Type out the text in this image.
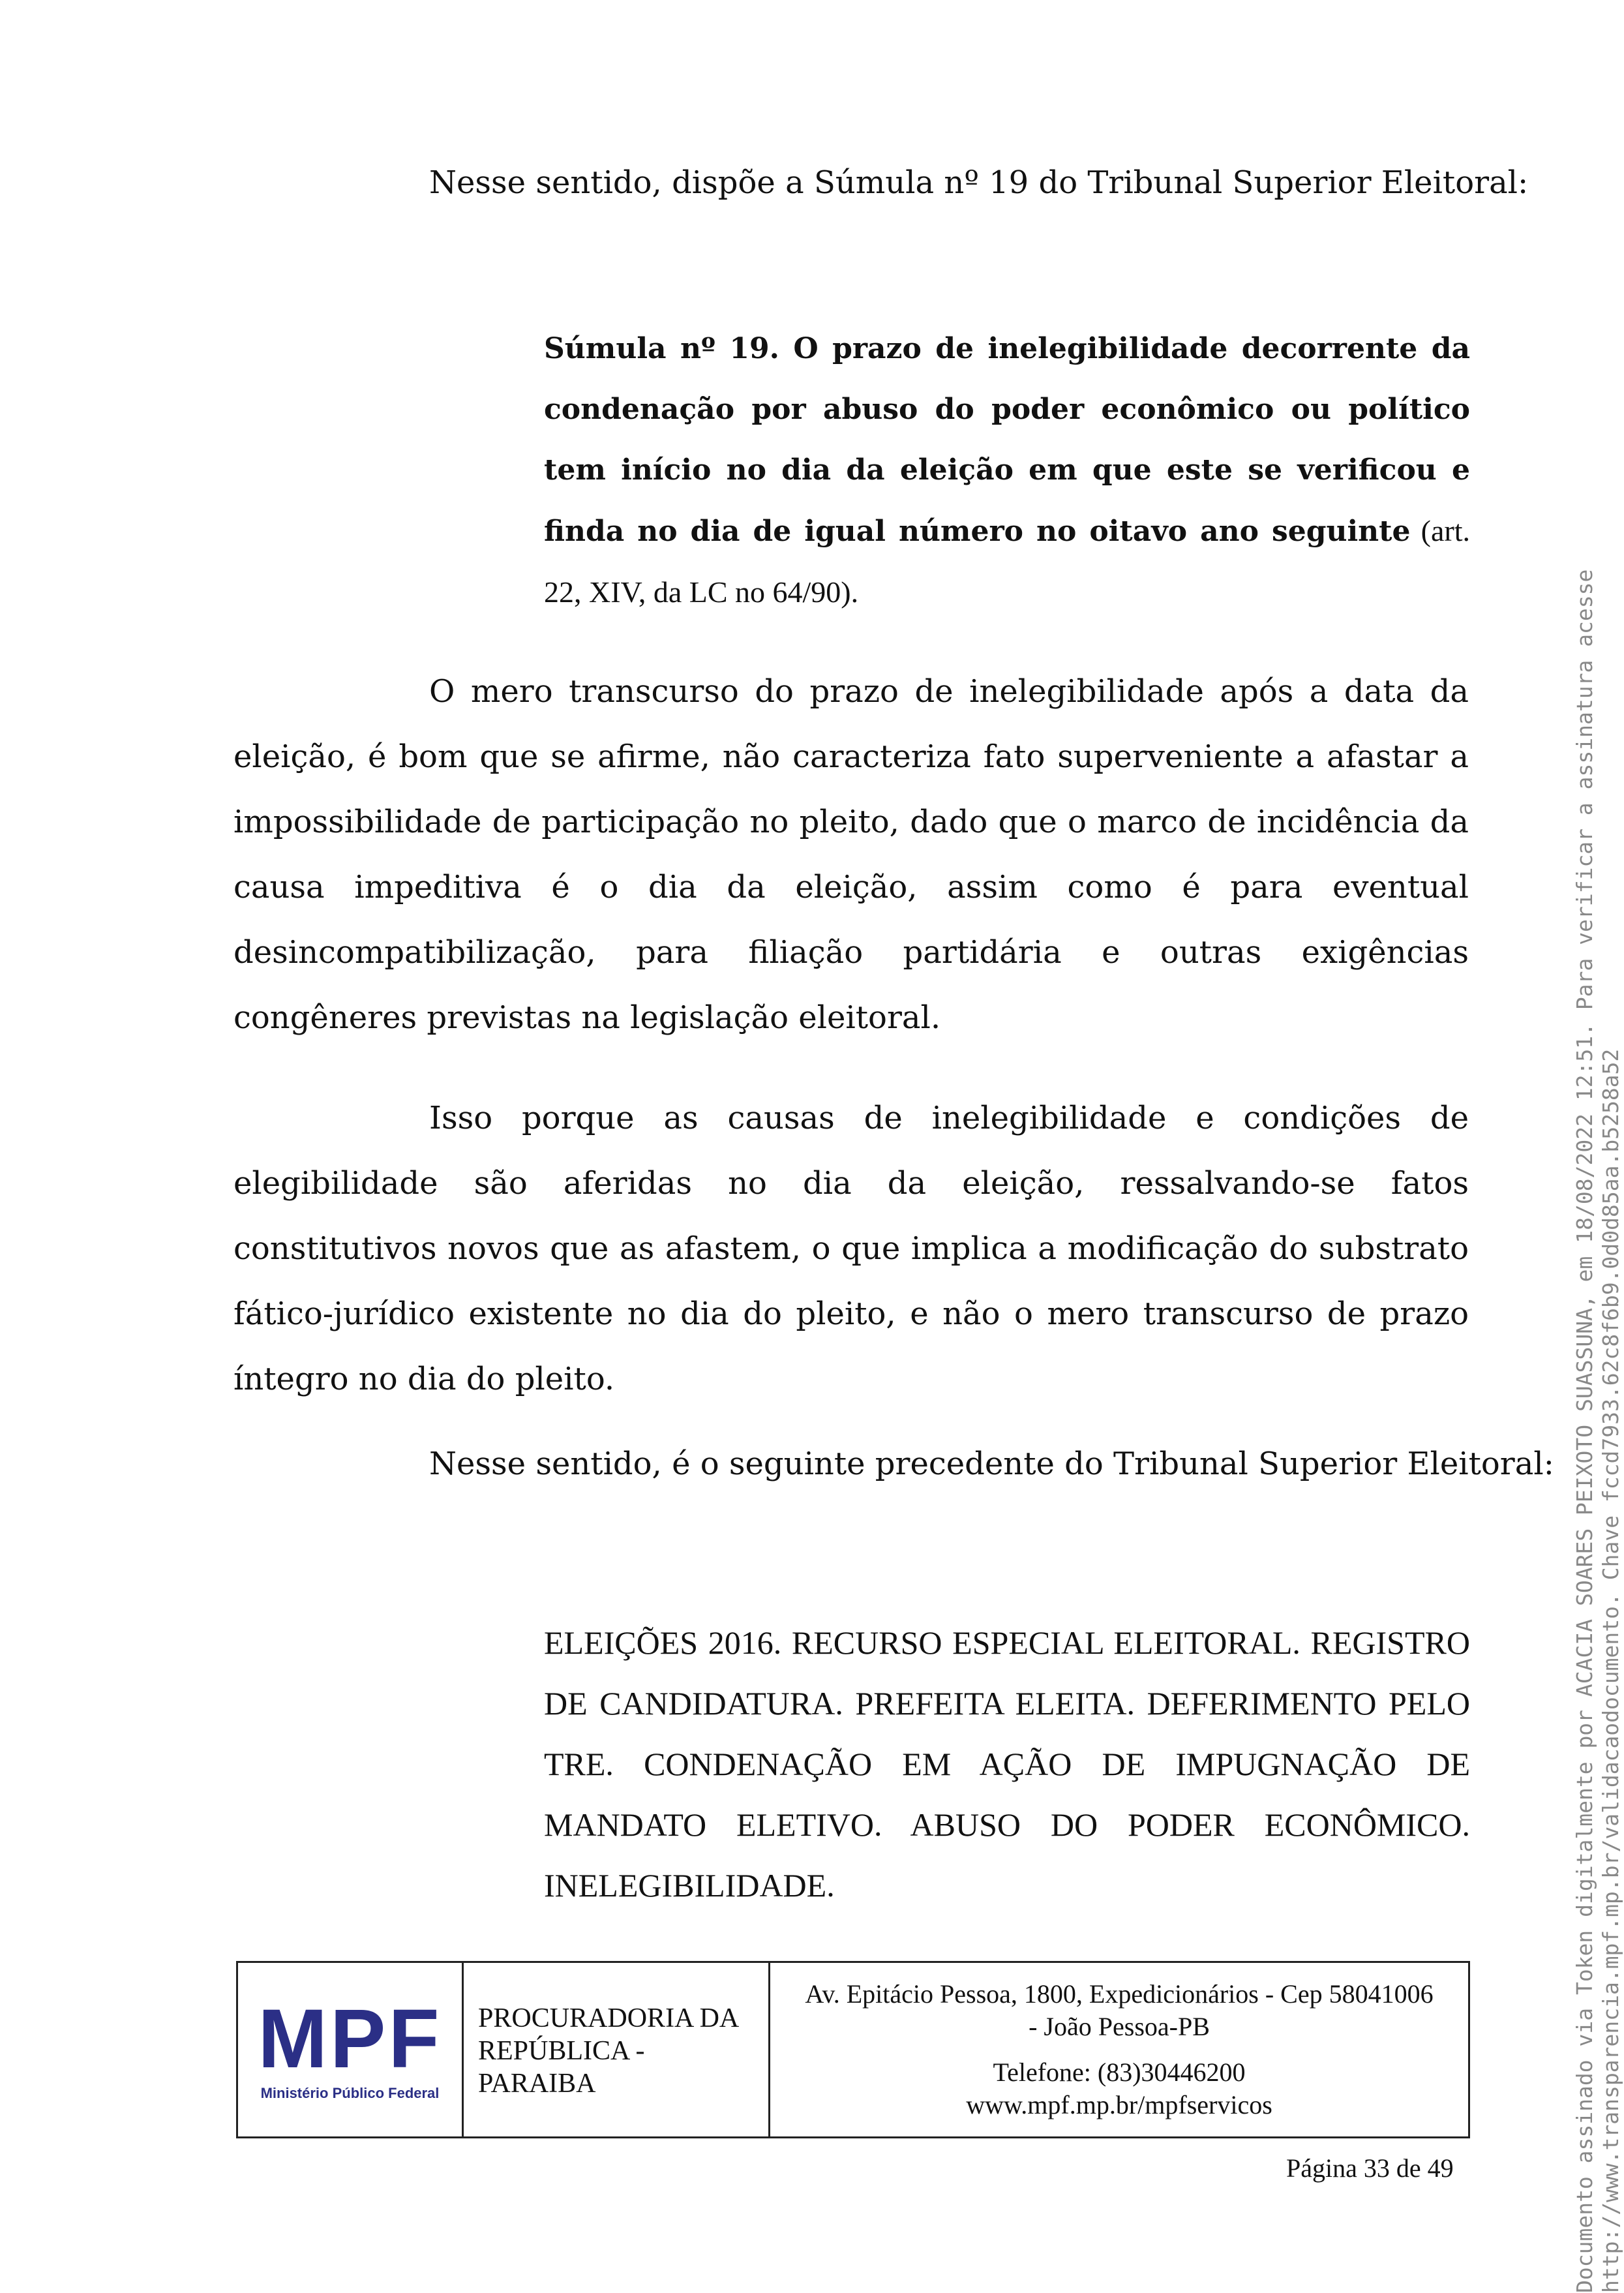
Nesse sentido, dispõe a Súmula nº 19 do Tribunal Superior Eleitoral:

Súmula nº 19. O prazo de inelegibilidade decorrente da condenação por abuso do poder econômico ou político tem início no dia da eleição em que este se verificou e finda no dia de igual número no oitavo ano seguinte (art. 22, XIV, da LC no 64/90).

O mero transcurso do prazo de inelegibilidade após a data da eleição, é bom que se afirme, não caracteriza fato superveniente a afastar a impossibilidade de participação no pleito, dado que o marco de incidência da causa impeditiva é o dia da eleição, assim como é para eventual desincompatibilização, para filiação partidária e outras exigências congêneres previstas na legislação eleitoral.

Isso porque as causas de inelegibilidade e condições de elegibilidade são aferidas no dia da eleição, ressalvando-se fatos constitutivos novos que as afastem, o que implica a modificação do substrato fático-jurídico existente no dia do pleito, e não o mero transcurso de prazo íntegro no dia do pleito.

Nesse sentido, é o seguinte precedente do Tribunal Superior Eleitoral:

ELEIÇÕES 2016. RECURSO ESPECIAL ELEITORAL. REGISTRO DE CANDIDATURA. PREFEITA ELEITA. DEFERIMENTO PELO TRE. CONDENAÇÃO EM AÇÃO DE IMPUGNAÇÃO DE MANDATO ELETIVO. ABUSO DO PODER ECONÔMICO. INELEGIBILIDADE.

MPF
Ministério Público Federal
PROCURADORIA DA
REPÚBLICA -
PARAIBA
Av. Epitácio Pessoa, 1800, Expedicionários - Cep 58041006
- João Pessoa-PB
Telefone: (83)30446200
www.mpf.mp.br/mpfservicos
Página 33 de 49	Documento assinado via Token digitalmente por ACACIA SOARES PEIXOTO SUASSUNA, em 18/08/2022 12:51. Para verificar a assinatura acesse http://www.transparencia.mpf.mp.br/validacaodocumento. Chave fccd7933.62c8f6b9.0d0d85aa.b5258a52
